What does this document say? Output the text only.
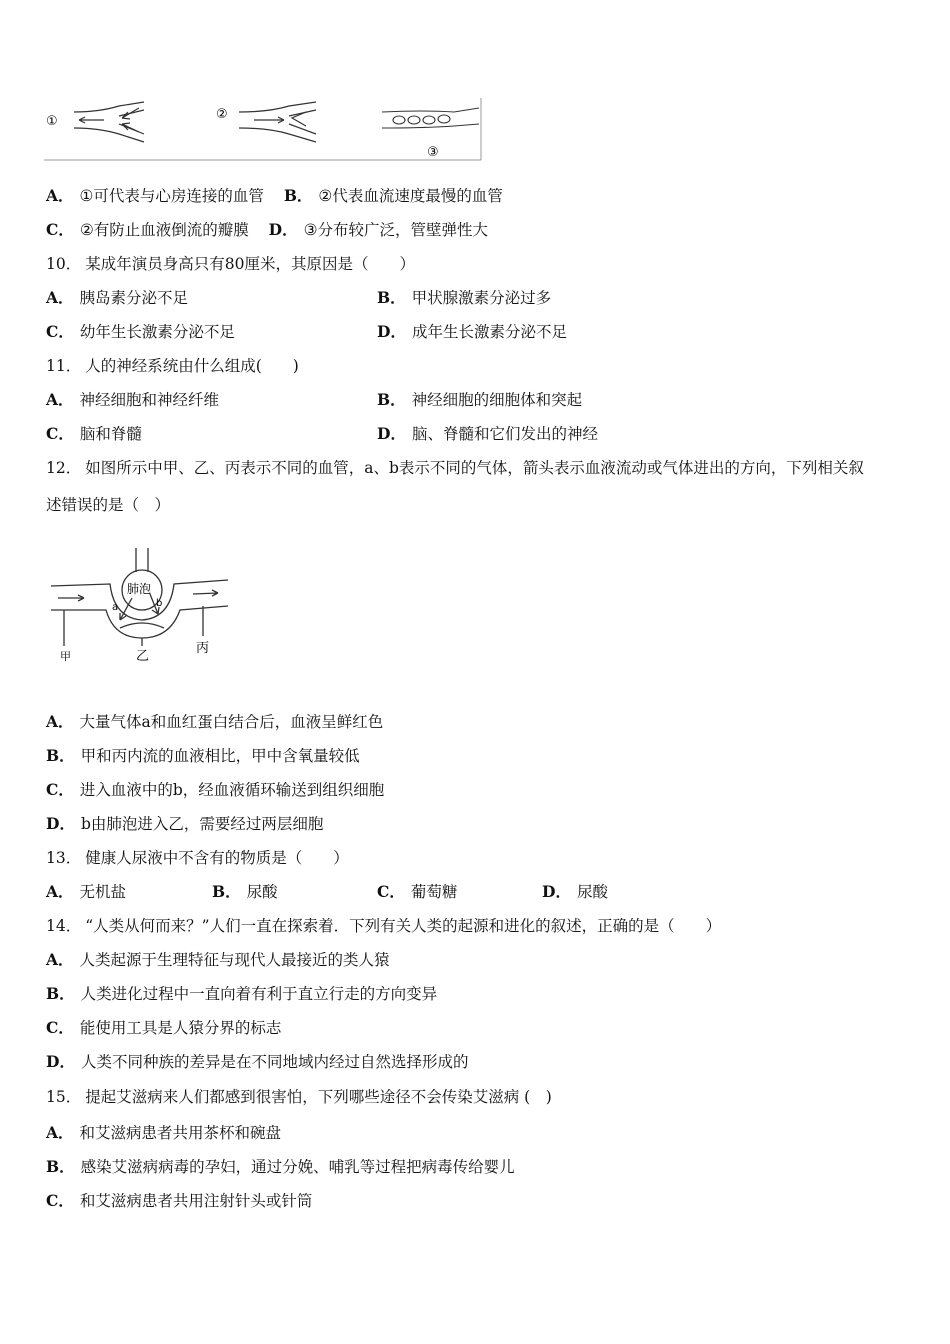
①	②
③
A． ①可代表与心房连接的血管 B． ②代表血流速度最慢的血管
C． ②有防止血液倒流的瓣膜 D． ③分布较广泛，管壁弹性大
10． 某成年演员身高只有80厘米，其原因是（　　）
A． 胰岛素分泌不足	B． 甲状腺激素分泌过多
C． 幼年生长激素分泌不足	D． 成年生长激素分泌不足
11． 人的神经系统由什么组成(　　)
A． 神经细胞和神经纤维	B． 神经细胞的细胞体和突起
C． 脑和脊髓	D． 脑、脊髓和它们发出的神经
12． 如图所示中甲、乙、丙表示不同的血管，a、b表示不同的气体，箭头表示血液流动或气体进出的方向，下列相关叙
述错误的是（　）
肺泡
a	b
甲	乙
丙
A． 大量气体a和血红蛋白结合后，血液呈鲜红色
B． 甲和丙内流的血液相比，甲中含氧量较低
C． 进入血液中的b，经血液循环输送到组织细胞
D． b由肺泡进入乙，需要经过两层细胞
13． 健康人尿液中不含有的物质是（　　）
A． 无机盐	B． 尿酸	C． 葡萄糖	D． 尿酸
14． “人类从何而来？”人们一直在探索着．下列有关人类的起源和进化的叙述，正确的是（　　）
A． 人类起源于生理特征与现代人最接近的类人猿
B． 人类进化过程中一直向着有利于直立行走的方向变异
C． 能使用工具是人猿分界的标志
D． 人类不同种族的差异是在不同地域内经过自然选择形成的
15． 提起艾滋病来人们都感到很害怕，下列哪些途径不会传染艾滋病 (　)
A． 和艾滋病患者共用茶杯和碗盘
B． 感染艾滋病病毒的孕妇，通过分娩、哺乳等过程把病毒传给婴儿
C． 和艾滋病患者共用注射针头或针筒
